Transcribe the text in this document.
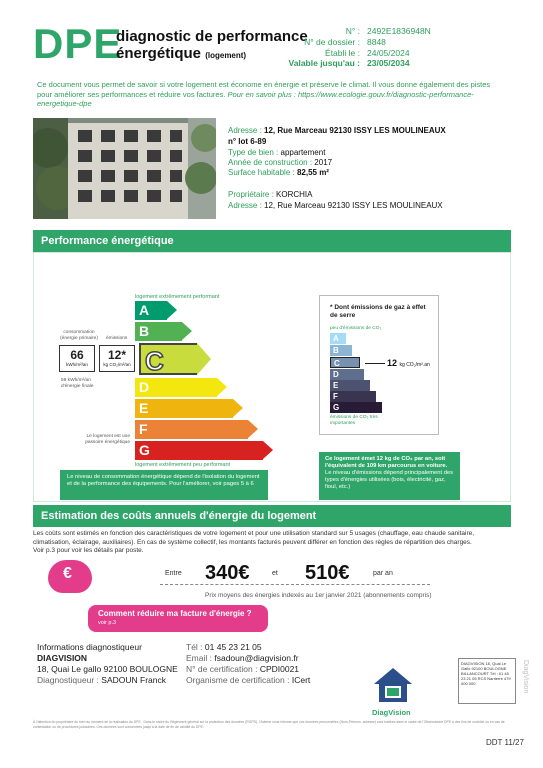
DPE
diagnostic de performance
énergétique (logement)
N° : 2492E1836948N
N° de dossier : 8848
Établi le : 24/05/2024
Valable jusqu'au : 23/05/2034
Ce document vous permet de savoir si votre logement est économe en énergie et préserve le climat. Il vous donne également des pistes pour améliorer ses performances et réduire vos factures. Pour en savoir plus : https://www.ecologie.gouv.fr/diagnostic-performance-energetique-dpe
Adresse : 12, Rue Marceau 92130 ISSY LES MOULINEAUX
n° lot 6-89
Type de bien : appartement
Année de construction : 2017
Surface habitable : 82,55 m²
Propriétaire : KORCHIA
Adresse : 12, Rue Marceau 92130 ISSY LES MOULINEAUX
Performance énergétique
logement extrêmement performant
A
B
D
E
F
G
logement extrêmement peu performant
consommation (énergie primaire) émissions
66
kWh/m²/an
12*
kg CO₂/m²/an C
59 kWh/m²/an d'énergie finale
Le logement est une passoire énergétique
Le niveau de consommation énergétique dépend de l'isolation du logement et de la performance des équipements. Pour l'améliorer, voir pages 5 à 6
* Dont émissions de gaz à effet de serre
peu d'émissions de CO₂
A
B
C
D
E
F
G
émissions de CO₂ très importantes
12 kg CO₂/m².an
Ce logement émet 12 kg de CO₂ par an, soit l'équivalent de 109 km parcourus en voiture.
Le niveau d'émissions dépend principalement des types d'énergies utilisées (bois, électricité, gaz, fioul, etc.)
Estimation des coûts annuels d'énergie du logement
Les coûts sont estimés en fonction des caractéristiques de votre logement et pour une utilisation standard sur 5 usages (chauffage, eau chaude sanitaire, climatisation, éclairage, auxiliaires). En cas de système collectif, les montants facturés peuvent différer en fonction des règles de répartition des charges.
Voir p.3 pour voir les détails par poste.
€	Entre 340€	et 510€	par an
Prix moyens des énergies indexés au 1er janvier 2021 (abonnements compris)
Comment réduire ma facture d'énergie ?
voir p.3
Informations diagnostiqueur
DIAGVISION
18, Quai Le gallo 92100 BOULOGNE
Diagnostiqueur : SADOUN Franck
Tél : 01 45 23 21 05
Email : fsadoun@diagvision.fr
N° de certification : CPDI0021
Organisme de certification : ICert
DiagVision
DIAGVISION 18, Quai Le Gallo 92100 BOULOGNE BILLANCOURT Tél : 01 45 23 21 05 RCS Nanterre 479 000 000
À l'attention du propriétaire du bien au moment de la réalisation du DPE : Dans le cadre du Règlement général sur la protection des données (RGPD), l'Ademe vous informe que vos données personnelles (Nom-Prénom -adresse) sont traitées dans le cadre de l'Observatoire DPE à des fins de contrôle ou en cas de contestation ou de procédures judiciaires. Ces données sont conservées jusqu'à la date de fin de validité du DPE.
DDT 11/27
DiagVision
